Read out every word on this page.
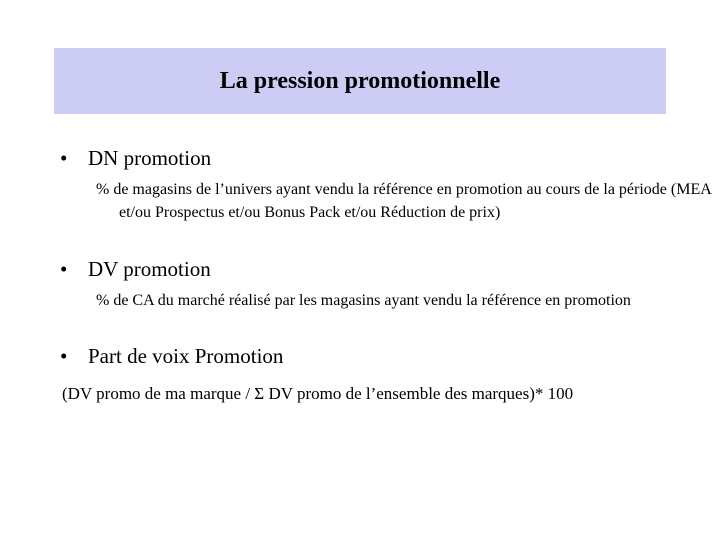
La pression promotionnelle
• DN promotion
% de magasins de l’univers ayant vendu la référence en promotion au cours de la période (MEA et/ou Prospectus et/ou Bonus Pack et/ou Réduction de prix)
• DV promotion
% de CA du marché réalisé par les magasins ayant vendu la référence en promotion
• Part de voix Promotion
(DV promo de ma marque / Σ DV promo de l’ensemble des marques)* 100
